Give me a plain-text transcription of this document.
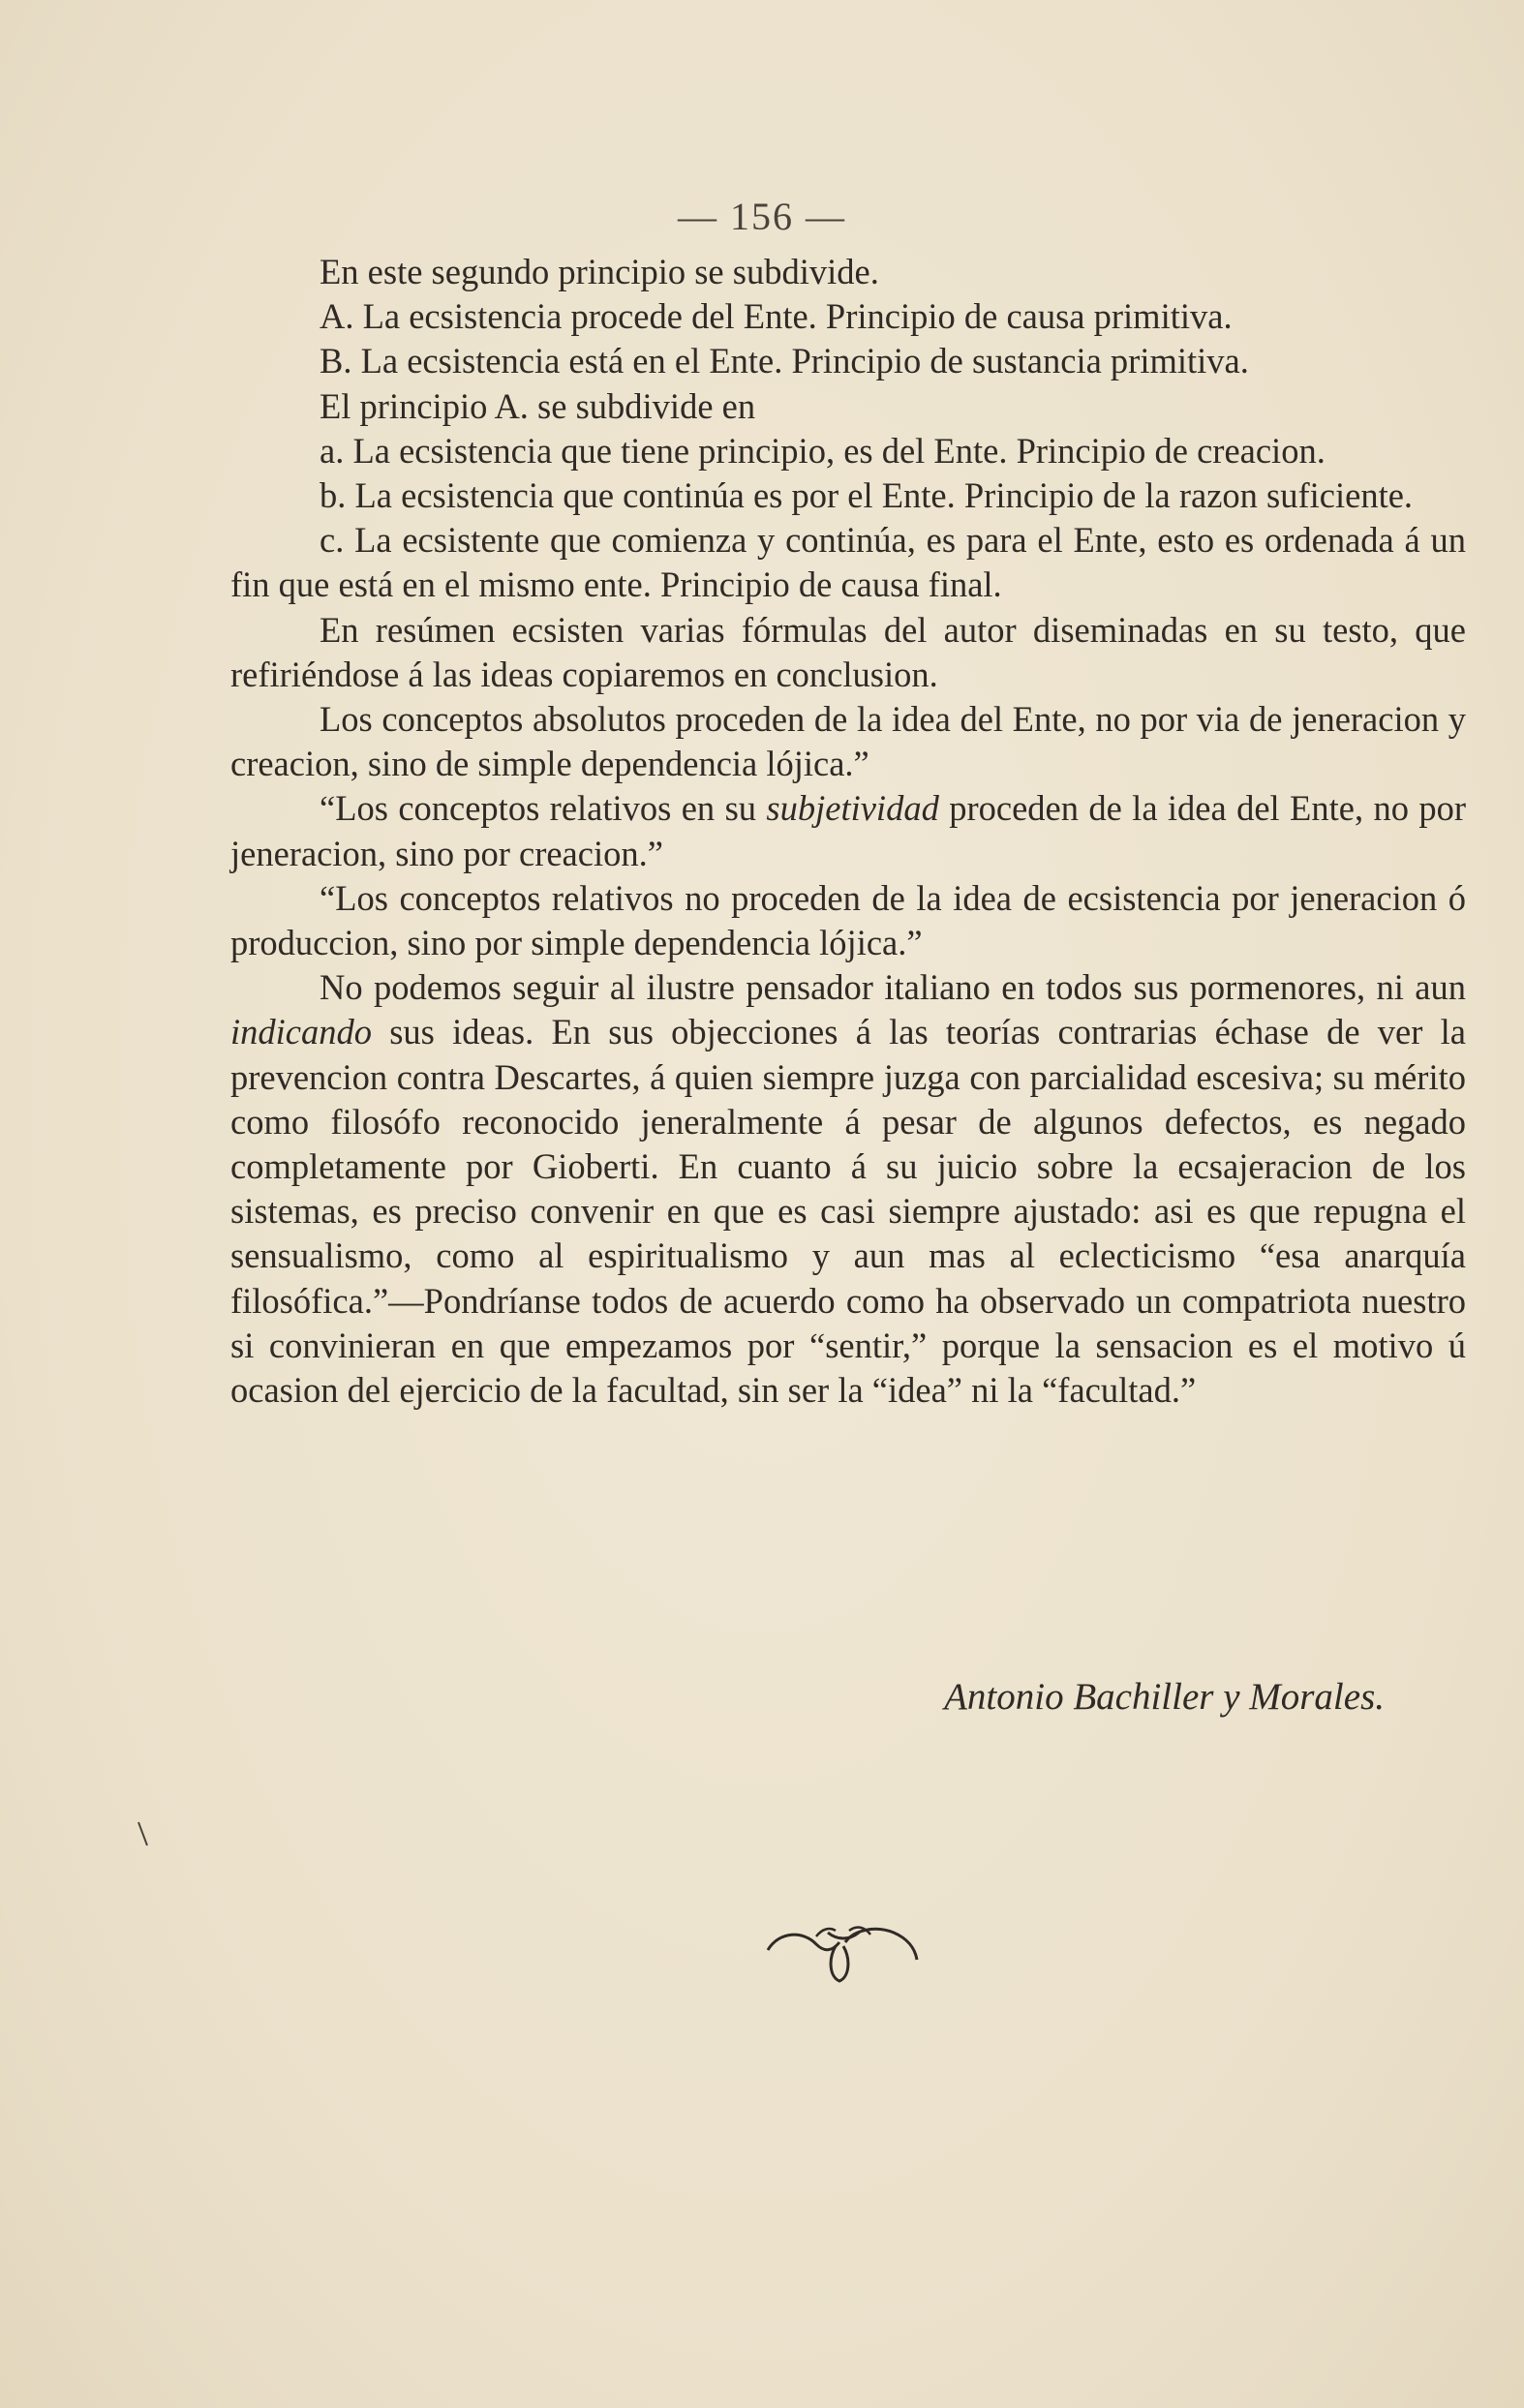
— 156 —

En este segundo principio se subdivide.

A. La ecsistencia procede del Ente. Principio de causa primitiva.

B. La ecsistencia está en el Ente. Principio de sustancia primitiva.

El principio A. se subdivide en

a. La ecsistencia que tiene principio, es del Ente. Principio de creacion.

b. La ecsistencia que continúa es por el Ente. Principio de la razon suficiente.

c. La ecsistente que comienza y continúa, es para el Ente, esto es ordenada á un fin que está en el mismo ente. Principio de causa final.

En resúmen ecsisten varias fórmulas del autor diseminadas en su testo, que refiriéndose á las ideas copiaremos en conclusion.

Los conceptos absolutos proceden de la idea del Ente, no por via de jeneracion y creacion, sino de simple dependencia lójica.”

“Los conceptos relativos en su subjetividad proceden de la idea del Ente, no por jeneracion, sino por creacion.”

“Los conceptos relativos no proceden de la idea de ecsistencia por jeneracion ó produccion, sino por simple dependencia lójica.”

No podemos seguir al ilustre pensador italiano en todos sus pormenores, ni aun indicando sus ideas. En sus objecciones á las teorías contrarias échase de ver la prevencion contra Descartes, á quien siempre juzga con parcialidad escesiva; su mérito como filosófo reconocido jeneralmente á pesar de algunos defectos, es negado completamente por Gioberti. En cuanto á su juicio sobre la ecsajeracion de los sistemas, es preciso convenir en que es casi siempre ajustado: asi es que repugna el sensualismo, como al espiritualismo y aun mas al eclecticismo “esa anarquía filosófica.”—Pondríanse todos de acuerdo como ha observado un compatriota nuestro si convinieran en que empezamos por “sentir,” porque la sensacion es el motivo ú ocasion del ejercicio de la facultad, sin ser la “idea” ni la “facultad.”

Antonio Bachiller y Morales.
